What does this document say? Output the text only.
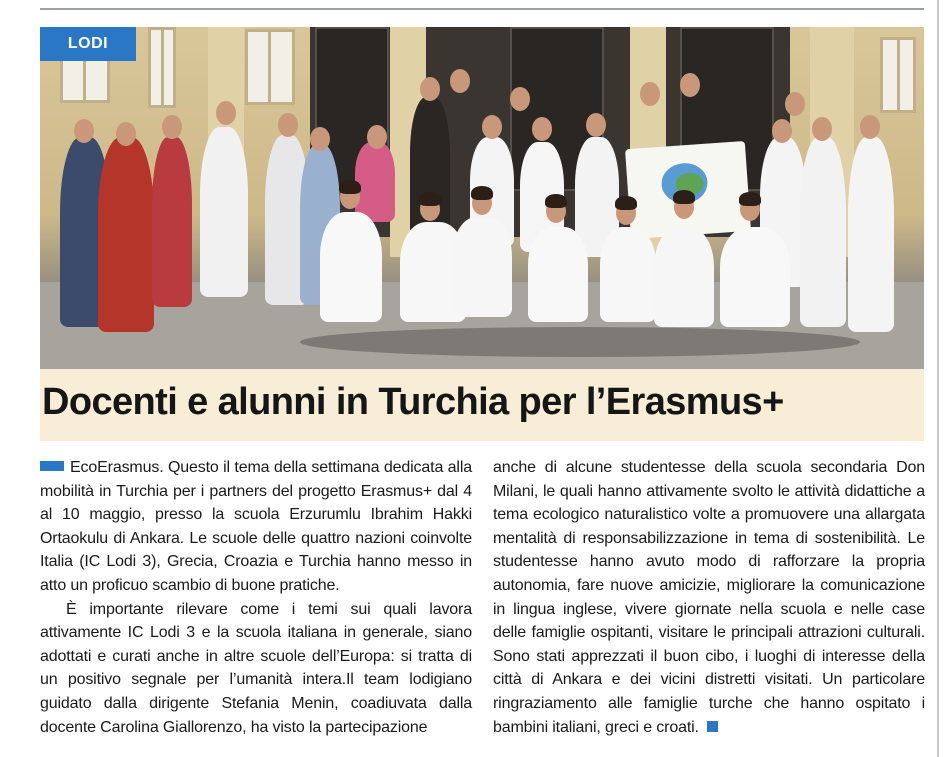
LODI
Docenti e alunni in Turchia per l’Erasmus+

EcoErasmus. Questo il tema della settimana dedicata alla mobilità in Turchia per i partners del progetto Erasmus+ dal 4 al 10 maggio, presso la scuola Erzurumlu Ibrahim Hakki Ortaokulu di Ankara. Le scuole delle quattro nazioni coinvolte Italia (IC Lodi 3), Grecia, Croazia e Turchia hanno messo in atto un proficuo scambio di buone pratiche.

È importante rilevare come i temi sui quali lavora attivamente IC Lodi 3 e la scuola italiana in generale, siano adottati e curati anche in altre scuole dell’Europa: si tratta di un positivo segnale per l’umanità intera.Il team lodigiano guidato dalla dirigente Stefania Menin, coadiuvata dalla docente Carolina Giallorenzo, ha visto la partecipazione

anche di alcune studentesse della scuola secondaria Don Milani, le quali hanno attivamente svolto le attività didattiche a tema ecologico naturalistico volte a promuovere una allargata mentalità di responsabilizzazione in tema di sostenibilità. Le studentesse hanno avuto modo di rafforzare la propria autonomia, fare nuove amicizie, migliorare la comunicazione in lingua inglese, vivere giornate nella scuola e nelle case delle famiglie ospitanti, visitare le principali attrazioni culturali. Sono stati apprezzati il buon cibo, i luoghi di interesse della città di Ankara e dei vicini distretti visitati. Un particolare ringraziamento alle famiglie turche che hanno ospitato i bambini italiani, greci e croati.
